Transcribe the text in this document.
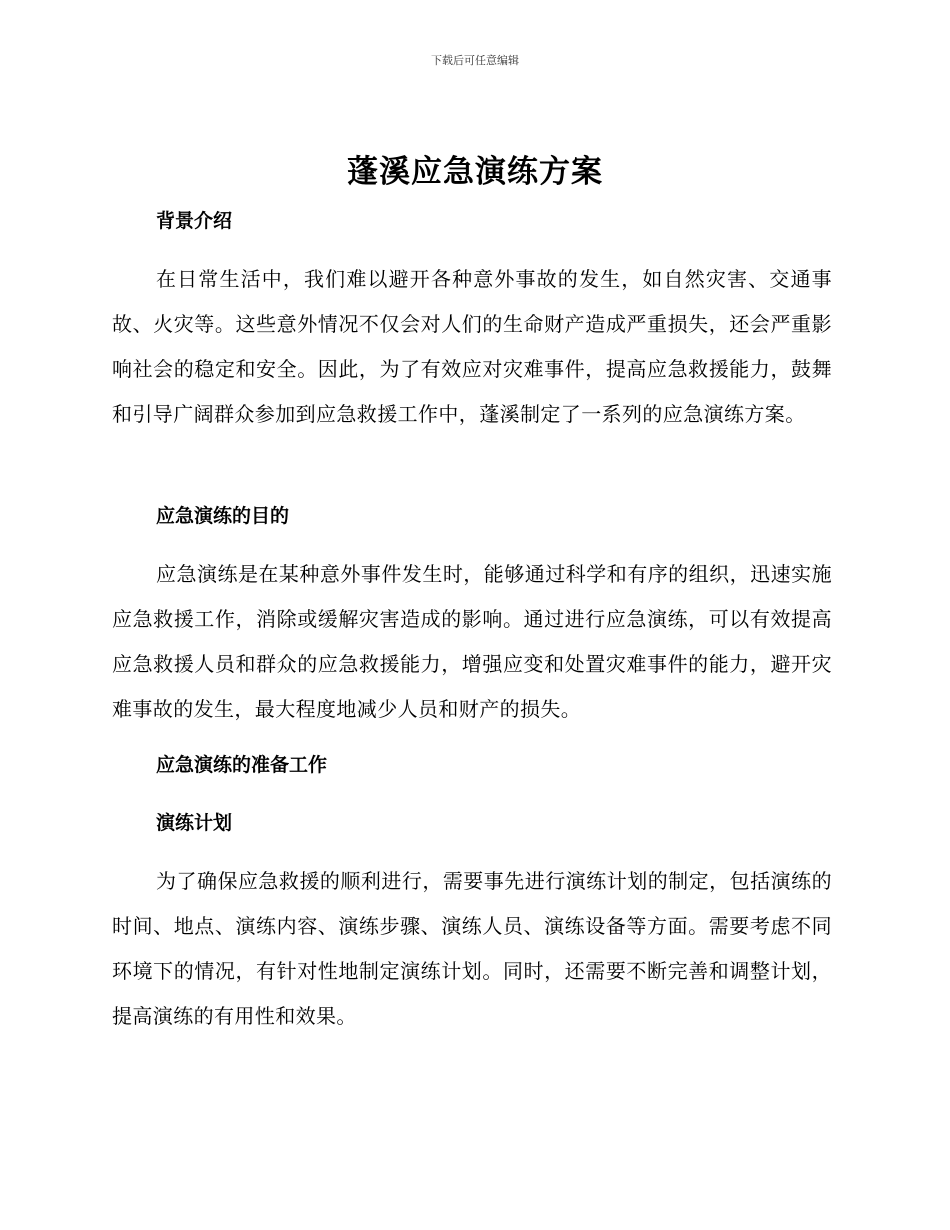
下载后可任意编辑
蓬溪应急演练方案
背景介绍

在日常生活中，我们难以避开各种意外事故的发生，如自然灾害、交通事故、火灾等。这些意外情况不仅会对人们的生命财产造成严重损失，还会严重影响社会的稳定和安全。因此，为了有效应对灾难事件，提高应急救援能力，鼓舞和引导广阔群众参加到应急救援工作中，蓬溪制定了一系列的应急演练方案。

应急演练的目的

应急演练是在某种意外事件发生时，能够通过科学和有序的组织，迅速实施应急救援工作，消除或缓解灾害造成的影响。通过进行应急演练，可以有效提高应急救援人员和群众的应急救援能力，增强应变和处置灾难事件的能力，避开灾难事故的发生，最大程度地减少人员和财产的损失。

应急演练的准备工作
演练计划

为了确保应急救援的顺利进行，需要事先进行演练计划的制定，包括演练的时间、地点、演练内容、演练步骤、演练人员、演练设备等方面。需要考虑不同环境下的情况，有针对性地制定演练计划。同时，还需要不断完善和调整计划，提高演练的有用性和效果。
